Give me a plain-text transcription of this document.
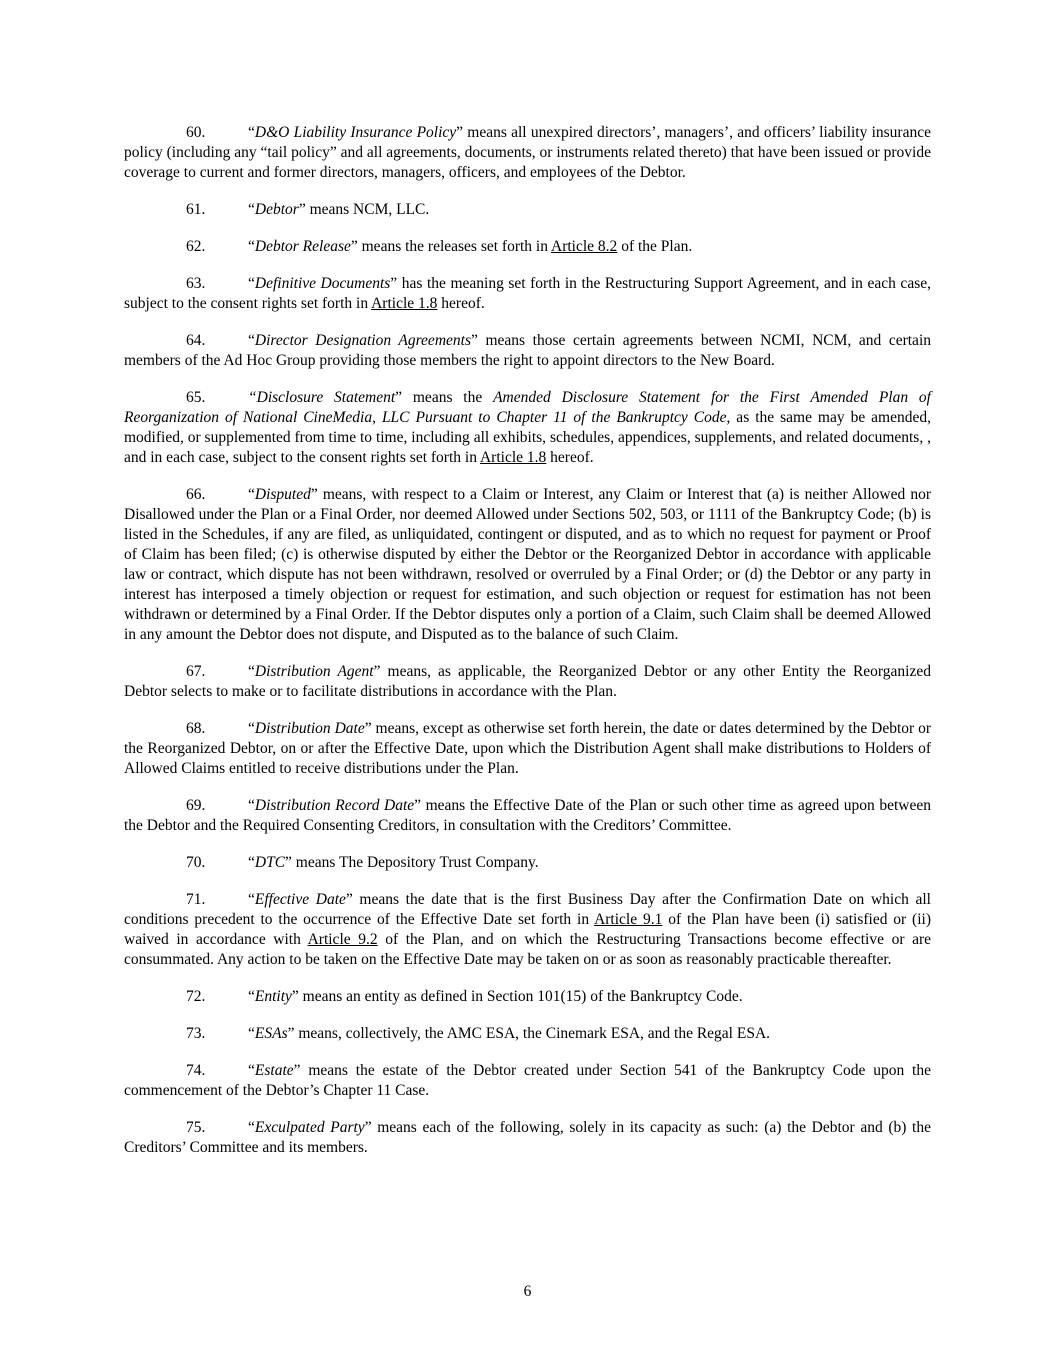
60.	“D&O Liability Insurance Policy” means all unexpired directors’, managers’, and officers’ liability insurance policy (including any “tail policy” and all agreements, documents, or instruments related thereto) that have been issued or provide coverage to current and former directors, managers, officers, and employees of the Debtor.

61.	“Debtor” means NCM, LLC.

62.	“Debtor Release” means the releases set forth in Article 8.2 of the Plan.

63.	“Definitive Documents” has the meaning set forth in the Restructuring Support Agreement, and in each case, subject to the consent rights set forth in Article 1.8 hereof.

64.	“Director Designation Agreements” means those certain agreements between NCMI, NCM, and certain members of the Ad Hoc Group providing those members the right to appoint directors to the New Board.

65.	“Disclosure Statement” means the Amended Disclosure Statement for the First Amended Plan of Reorganization of National CineMedia, LLC Pursuant to Chapter 11 of the Bankruptcy Code, as the same may be amended, modified, or supplemented from time to time, including all exhibits, schedules, appendices, supplements, and related documents, , and in each case, subject to the consent rights set forth in Article 1.8 hereof.

66.	“Disputed” means, with respect to a Claim or Interest, any Claim or Interest that (a) is neither Allowed nor Disallowed under the Plan or a Final Order, nor deemed Allowed under Sections 502, 503, or 1111 of the Bankruptcy Code; (b) is listed in the Schedules, if any are filed, as unliquidated, contingent or disputed, and as to which no request for payment or Proof of Claim has been filed; (c) is otherwise disputed by either the Debtor or the Reorganized Debtor in accordance with applicable law or contract, which dispute has not been withdrawn, resolved or overruled by a Final Order; or (d) the Debtor or any party in interest has interposed a timely objection or request for estimation, and such objection or request for estimation has not been withdrawn or determined by a Final Order. If the Debtor disputes only a portion of a Claim, such Claim shall be deemed Allowed in any amount the Debtor does not dispute, and Disputed as to the balance of such Claim.

67.	“Distribution Agent” means, as applicable, the Reorganized Debtor or any other Entity the Reorganized Debtor selects to make or to facilitate distributions in accordance with the Plan.

68.	“Distribution Date” means, except as otherwise set forth herein, the date or dates determined by the Debtor or the Reorganized Debtor, on or after the Effective Date, upon which the Distribution Agent shall make distributions to Holders of Allowed Claims entitled to receive distributions under the Plan.

69.	“Distribution Record Date” means the Effective Date of the Plan or such other time as agreed upon between the Debtor and the Required Consenting Creditors, in consultation with the Creditors’ Committee.

70.	“DTC” means The Depository Trust Company.

71.	“Effective Date” means the date that is the first Business Day after the Confirmation Date on which all conditions precedent to the occurrence of the Effective Date set forth in Article 9.1 of the Plan have been (i) satisfied or (ii) waived in accordance with Article 9.2 of the Plan, and on which the Restructuring Transactions become effective or are consummated. Any action to be taken on the Effective Date may be taken on or as soon as reasonably practicable thereafter.

72.	“Entity” means an entity as defined in Section 101(15) of the Bankruptcy Code.

73.	“ESAs” means, collectively, the AMC ESA, the Cinemark ESA, and the Regal ESA.

74.	“Estate” means the estate of the Debtor created under Section 541 of the Bankruptcy Code upon the commencement of the Debtor’s Chapter 11 Case.

75.	“Exculpated Party” means each of the following, solely in its capacity as such: (a) the Debtor and (b) the Creditors’ Committee and its members.

6
